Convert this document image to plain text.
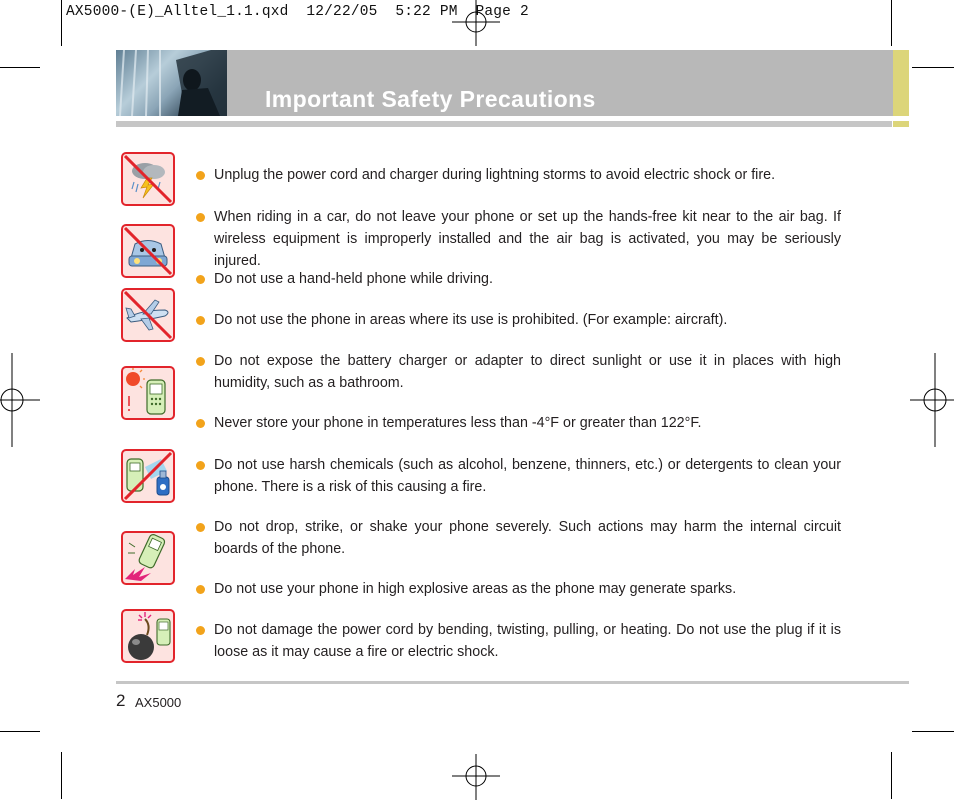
AX5000-(E)_Alltel_1.1.qxd  12/22/05  5:22 PM  Page 2
Important Safety Precautions
Unplug the power cord and charger during lightning storms to avoid electric shock or fire.
When riding in a car, do not leave your phone or set up the hands-free kit near to the air bag. If wireless equipment is improperly installed and the air bag is activated, you may be seriously injured.
Do not use a hand-held phone while driving.
Do not use the phone in areas where its use is prohibited. (For example: aircraft).
Do not expose the battery charger or adapter to direct sunlight or use it in places with high humidity, such as a bathroom.
Never store your phone in temperatures less than -4°F or greater than 122°F.
Do not use harsh chemicals (such as alcohol, benzene, thinners, etc.) or detergents to clean your phone. There is a risk of this causing a fire.
Do not drop, strike, or shake your phone severely. Such actions may harm the internal circuit boards of the phone.
Do not use your phone in high explosive areas as the phone may generate sparks.
Do not damage the power cord by bending, twisting, pulling, or heating. Do not use the plug if it is loose as it may cause a fire or electric shock.
2 AX5000
